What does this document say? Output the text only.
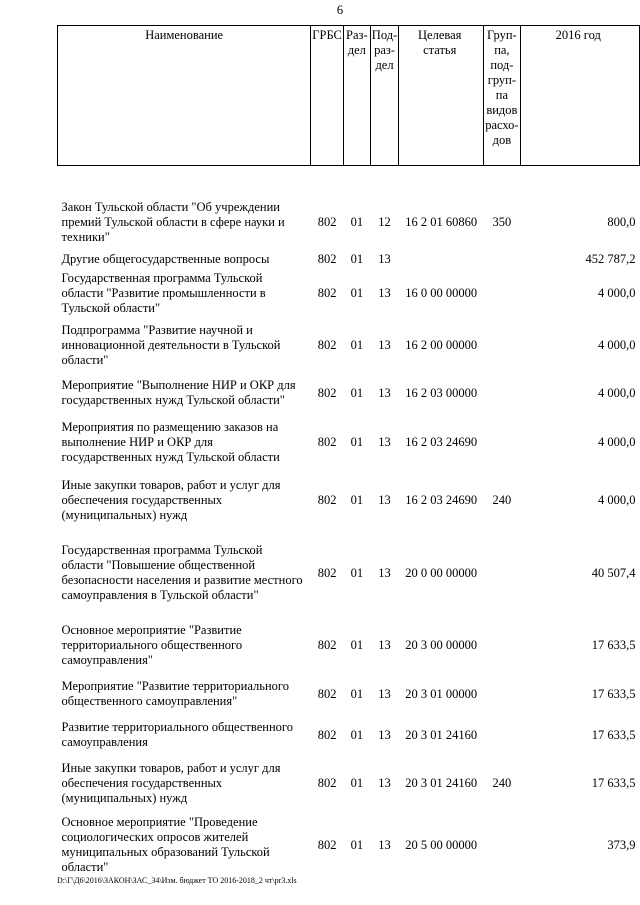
6
Наименование	ГРБС	Раз-дел	Под-раз-дел	Целевая статья	Груп-па, под-груп-па видов расхо-дов	2016 год

Закон Тульской области "Об учреждении премий Тульской области в сфере науки и техники"	802	01	12	16 2 01 60860	350	800,0
Другие общегосударственные вопросы	802	01	13			452 787,2
Государственная программа Тульской области "Развитие промышленности в Тульской области"	802	01	13	16 0 00 00000		4 000,0
Подпрограмма "Развитие научной и инновационной деятельности в Тульской области"	802	01	13	16 2 00 00000		4 000,0
Мероприятие "Выполнение НИР и ОКР для государственных нужд Тульской области"	802	01	13	16 2 03 00000		4 000,0
Мероприятия по размещению заказов на выполнение НИР и ОКР для государственных нужд Тульской области	802	01	13	16 2 03 24690		4 000,0
Иные закупки товаров, работ и услуг для обеспечения государственных (муниципальных) нужд	802	01	13	16 2 03 24690	240	4 000,0
Государственная программа Тульской области "Повышение общественной безопасности населения и развитие местного самоуправления в Тульской области"	802	01	13	20 0 00 00000		40 507,4
Основное мероприятие "Развитие территориального общественного самоуправления"	802	01	13	20 3 00 00000		17 633,5
Мероприятие "Развитие территориального общественного самоуправления"	802	01	13	20 3 01 00000		17 633,5
Развитие территориального общественного самоуправления	802	01	13	20 3 01 24160		17 633,5
Иные закупки товаров, работ и услуг для обеспечения государственных (муниципальных) нужд	802	01	13	20 3 01 24160	240	17 633,5
Основное мероприятие "Проведение социологических опросов жителей муниципальных образований Тульской области"	802	01	13	20 5 00 00000		373,9
D:\Г\Д6\2016\ЗАКОН\ЗАС_34\Изм. бюджет ТО 2016-2018_2 чт\pr3.xls
